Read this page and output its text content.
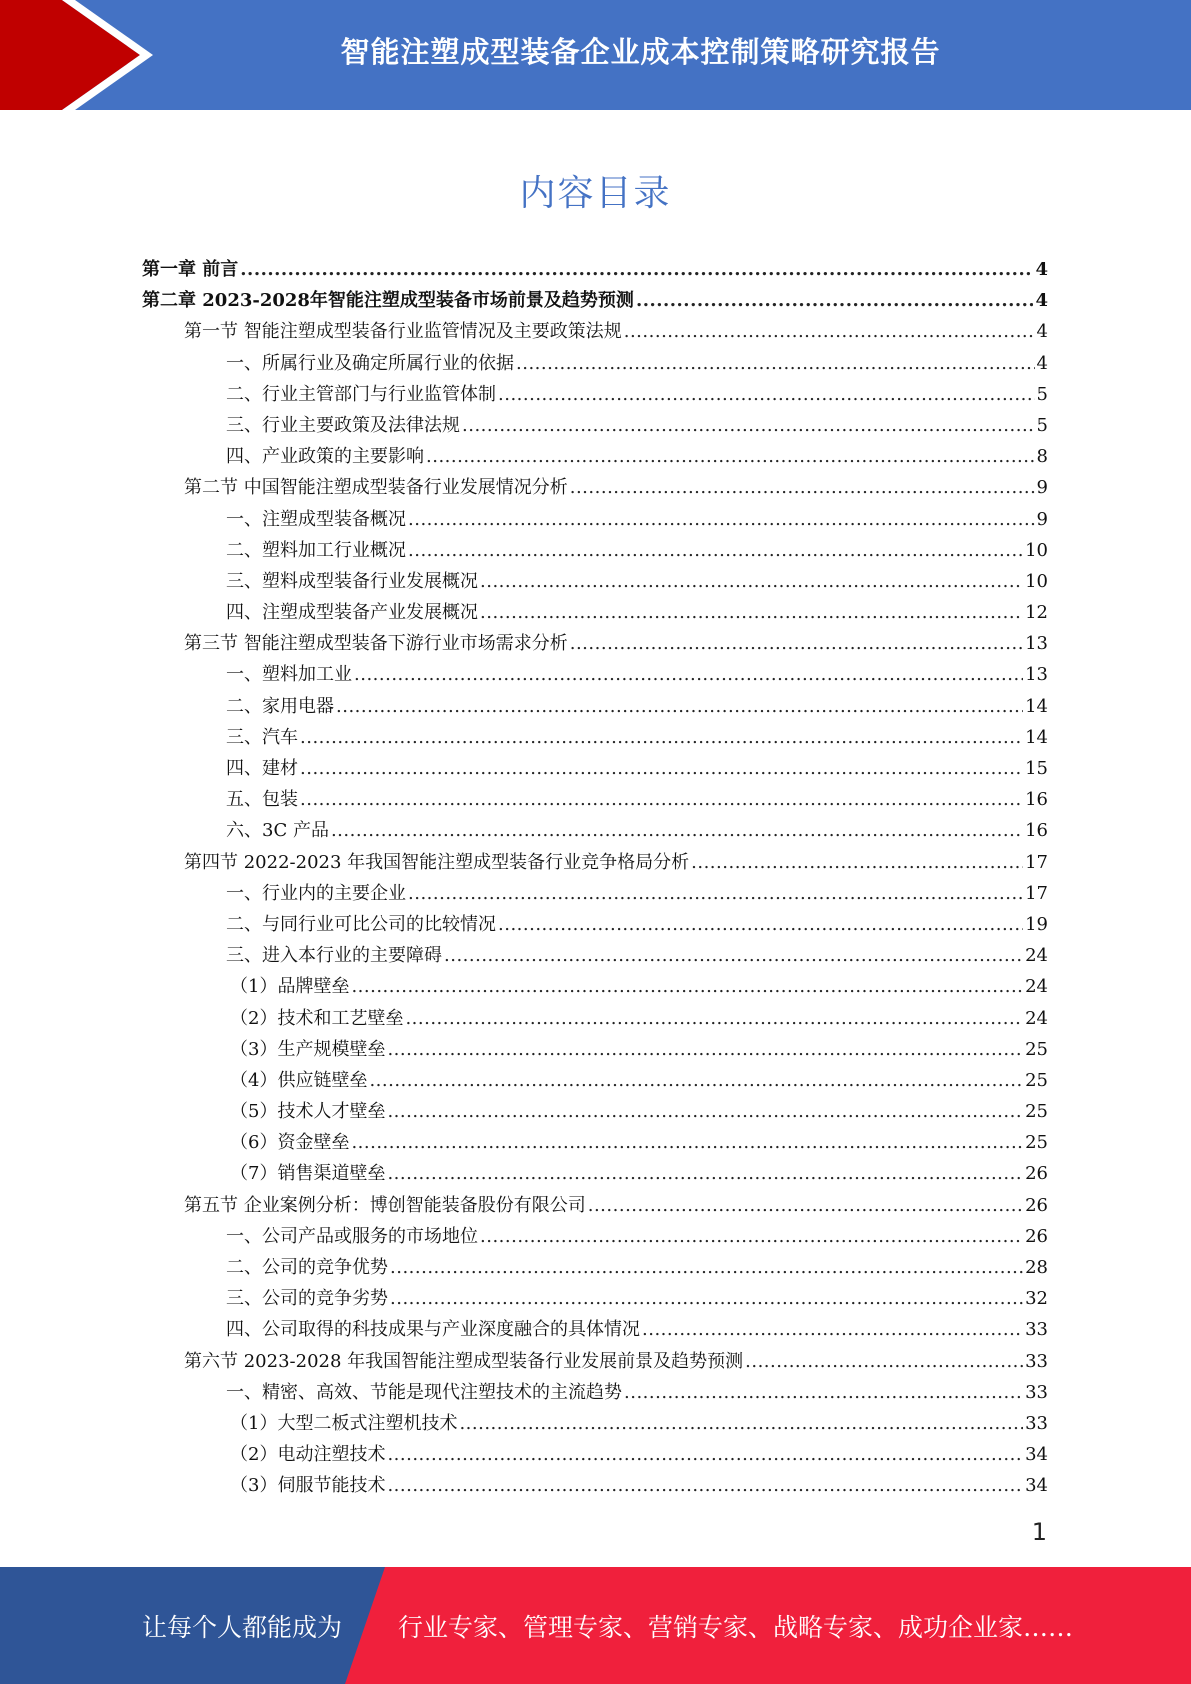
智能注塑成型装备企业成本控制策略研究报告
内容目录
第一章 前言 .....	4
第二章 2023-2028年智能注塑成型装备市场前景及趋势预测 .....	4
第一节 智能注塑成型装备行业监管情况及主要政策法规 .....	4
一、所属行业及确定所属行业的依据 .....	4
二、行业主管部门与行业监管体制 .....	5
三、行业主要政策及法律法规 .....	5
四、产业政策的主要影响 .....	8
第二节 中国智能注塑成型装备行业发展情况分析 .....	9
一、注塑成型装备概况 .....	9
二、塑料加工行业概况 .....	10
三、塑料成型装备行业发展概况 .....	10
四、注塑成型装备产业发展概况 .....	12
第三节 智能注塑成型装备下游行业市场需求分析 .....	13
一、塑料加工业 .....	13
二、家用电器 .....	14
三、汽车 .....	14
四、建材 .....	15
五、包装 .....	16
六、3C 产品 .....	16
第四节 2022-2023 年我国智能注塑成型装备行业竞争格局分析 .....	17
一、行业内的主要企业 .....	17
二、与同行业可比公司的比较情况 .....	19
三、进入本行业的主要障碍 .....	24
（1）品牌壁垒 .....	24
（2）技术和工艺壁垒 .....	24
（3）生产规模壁垒 .....	25
（4）供应链壁垒 .....	25
（5）技术人才壁垒 .....	25
（6）资金壁垒 .....	25
（7）销售渠道壁垒 .....	26
第五节 企业案例分析：博创智能装备股份有限公司 .....	26
一、公司产品或服务的市场地位 .....	26
二、公司的竞争优势 .....	28
三、公司的竞争劣势 .....	32
四、公司取得的科技成果与产业深度融合的具体情况 .....	33
第六节 2023-2028 年我国智能注塑成型装备行业发展前景及趋势预测 .....	33
一、精密、高效、节能是现代注塑技术的主流趋势 .....	33
（1）大型二板式注塑机技术 .....	33
（2）电动注塑技术 .....	34
（3）伺服节能技术 .....	34
1
让每个人都能成为 行业专家、管理专家、营销专家、战略专家、成功企业家……
